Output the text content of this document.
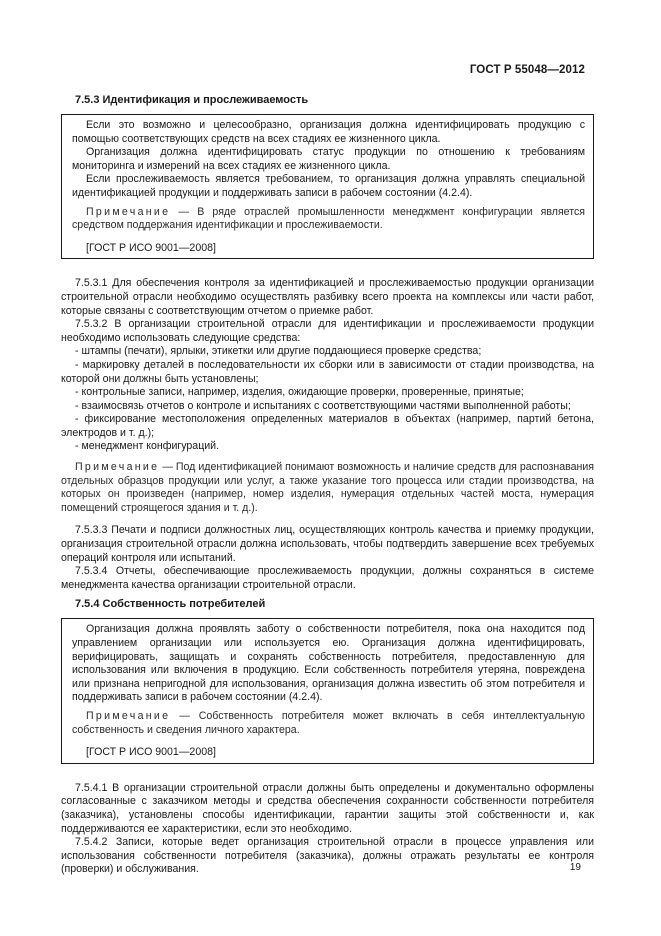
ГОСТ Р 55048—2012
7.5.3 Идентификация и прослеживаемость

Если это возможно и целесообразно, организация должна идентифицировать продукцию с помощью соответствующих средств на всех стадиях ее жизненного цикла.

Организация должна идентифицировать статус продукции по отношению к требованиям мониторинга и измерений на всех стадиях ее жизненного цикла.

Если прослеживаемость является требованием, то организация должна управлять специальной идентификацией продукции и поддерживать записи в рабочем состоянии (4.2.4).

Примечание — В ряде отраслей промышленности менеджмент конфигурации является средством поддержания идентификации и прослеживаемости.

[ГОСТ Р ИСО 9001—2008]

7.5.3.1 Для обеспечения контроля за идентификацией и прослеживаемостью продукции организации строительной отрасли необходимо осуществлять разбивку всего проекта на комплексы или части работ, которые связаны с соответствующим отчетом о приемке работ.

7.5.3.2 В организации строительной отрасли для идентификации и прослеживаемости продукции необходимо использовать следующие средства:

- штампы (печати), ярлыки, этикетки или другие поддающиеся проверке средства;
- маркировку деталей в последовательности их сборки или в зависимости от стадии производства, на которой они должны быть установлены;
- контрольные записи, например, изделия, ожидающие проверки, проверенные, принятые;
- взаимосвязь отчетов о контроле и испытаниях с соответствующими частями выполненной работы;
- фиксирование местоположения определенных материалов в объектах (например, партий бетона, электродов и т. д.);
- менеджмент конфигураций.

Примечание — Под идентификацией понимают возможность и наличие средств для распознавания отдельных образцов продукции или услуг, а также указание того процесса или стадии производства, на которых он произведен (например, номер изделия, нумерация отдельных частей моста, нумерация помещений строящегося здания и т. д.).

7.5.3.3 Печати и подписи должностных лиц, осуществляющих контроль качества и приемку продукции, организация строительной отрасли должна использовать, чтобы подтвердить завершение всех требуемых операций контроля или испытаний.

7.5.3.4 Отчеты, обеспечивающие прослеживаемость продукции, должны сохраняться в системе менеджмента качества организации строительной отрасли.

7.5.4 Собственность потребителей

Организация должна проявлять заботу о собственности потребителя, пока она находится под управлением организации или используется ею. Организация должна идентифицировать, верифицировать, защищать и сохранять собственность потребителя, предоставленную для использования или включения в продукцию. Если собственность потребителя утеряна, повреждена или признана непригодной для использования, организация должна известить об этом потребителя и поддерживать записи в рабочем состоянии (4.2.4).

Примечание — Собственность потребителя может включать в себя интеллектуальную собственность и сведения личного характера.

[ГОСТ Р ИСО 9001—2008]

7.5.4.1 В организации строительной отрасли должны быть определены и документально оформлены согласованные с заказчиком методы и средства обеспечения сохранности собственности потребителя (заказчика), установлены способы идентификации, гарантии защиты этой собственности и, как поддерживаются ее характеристики, если это необходимо.

7.5.4.2 Записи, которые ведет организация строительной отрасли в процессе управления или использования собственности потребителя (заказчика), должны отражать результаты ее контроля (проверки) и обслуживания.	19
